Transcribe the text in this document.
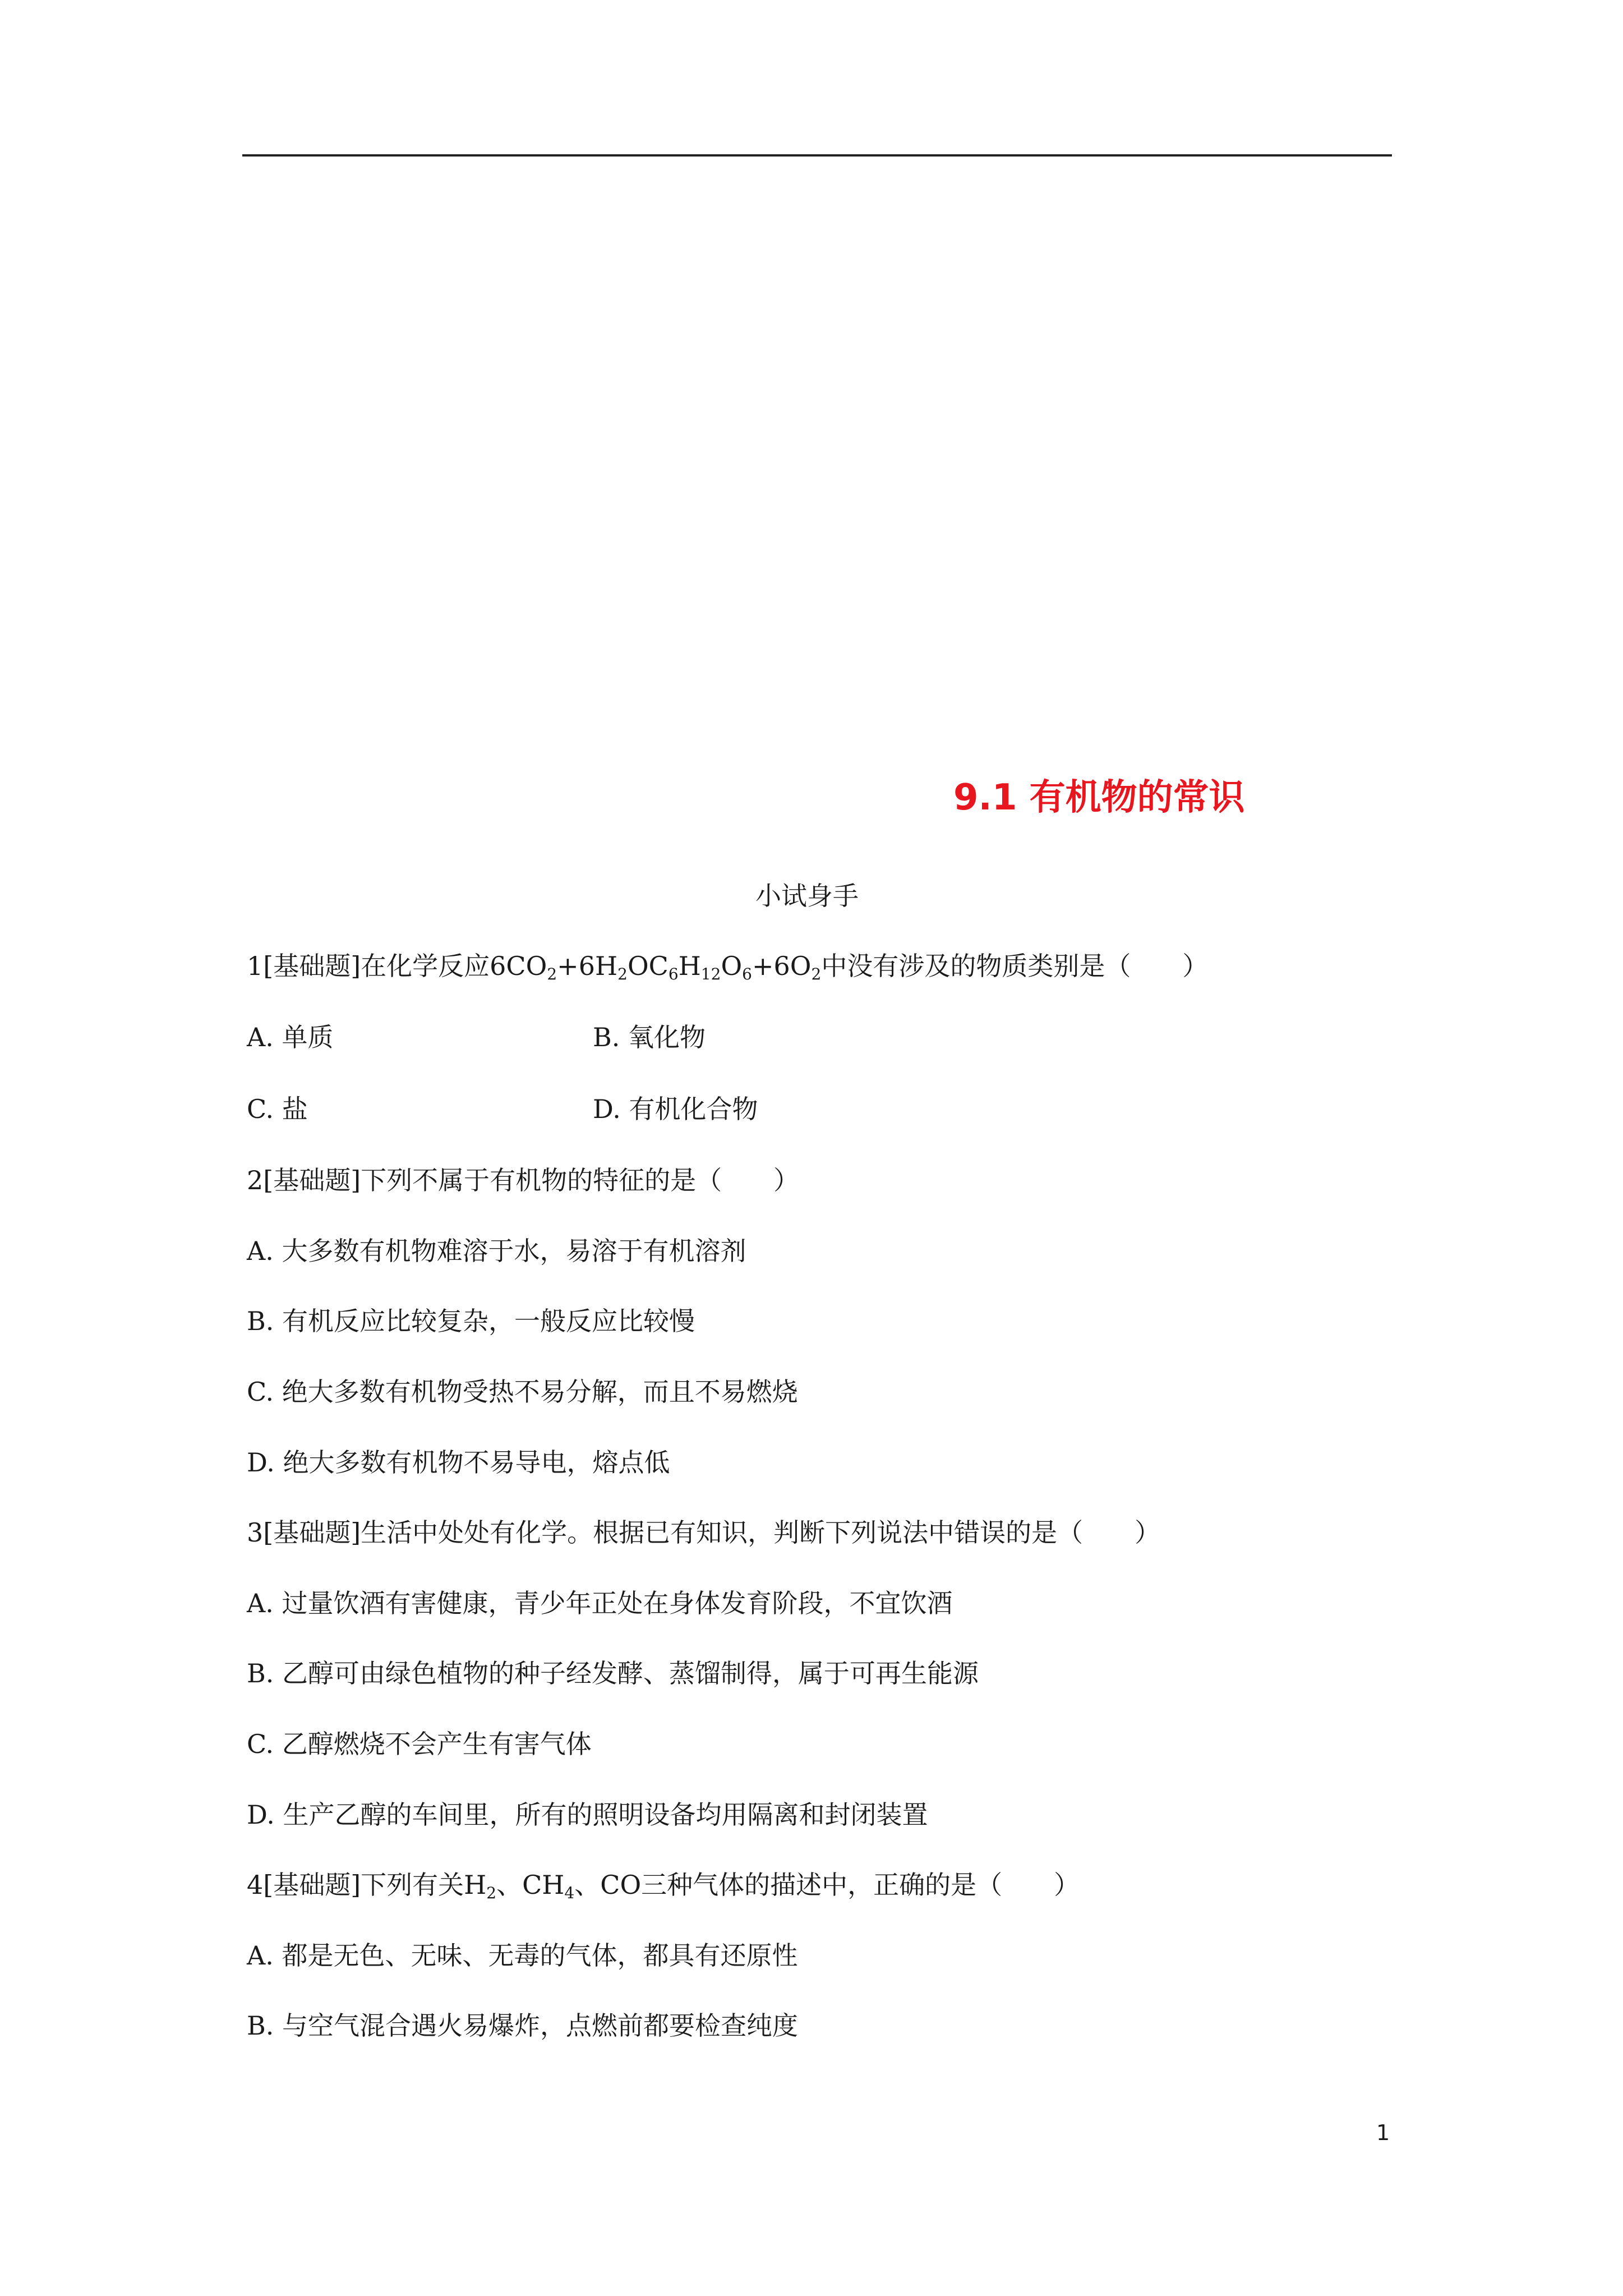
9.1 有机物的常识
小试身手
1[基础题]在化学反应$6CO_2+6H_2OC_6H_{12}O_6+6O_2$中没有涉及的物质类别是（　　）
A. 单质	B. 氧化物
C. 盐	D. 有机化合物
2[基础题]下列不属于有机物的特征的是（　　）
A. 大多数有机物难溶于水，易溶于有机溶剂
B. 有机反应比较复杂，一般反应比较慢
C. 绝大多数有机物受热不易分解，而且不易燃烧
D. 绝大多数有机物不易导电，熔点低
3[基础题]生活中处处有化学。根据已有知识，判断下列说法中错误的是（　　）
A. 过量饮酒有害健康，青少年正处在身体发育阶段，不宜饮酒
B. 乙醇可由绿色植物的种子经发酵、蒸馏制得，属于可再生能源
C. 乙醇燃烧不会产生有害气体
D. 生产乙醇的车间里，所有的照明设备均用隔离和封闭装置
4[基础题]下列有关$H_2$、$CH_4$、CO三种气体的描述中，正确的是（　　）
A. 都是无色、无味、无毒的气体，都具有还原性
B. 与空气混合遇火易爆炸，点燃前都要检查纯度
1
